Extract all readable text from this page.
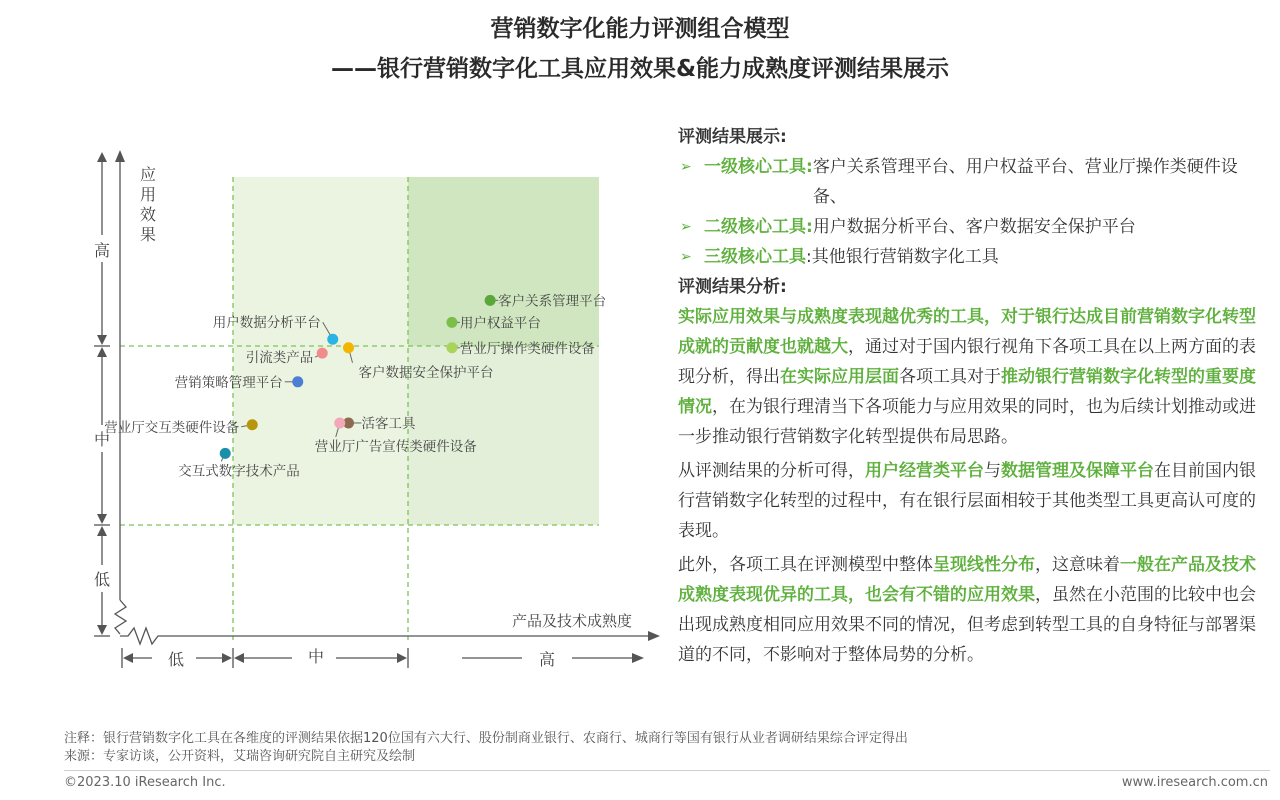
营销数字化能力评测组合模型
——银行营销数字化工具应用效果&能力成熟度评测结果展示
高
中
低
低	中	高
产品及技术成熟度
应用效果
客户关系管理平台
用户权益平台
营业厅操作类硬件设备
用户数据分析平台
客户数据安全保护平台
引流类产品
营销策略管理平台
活客工具
营业厅广告宣传类硬件设备
营业厅交互类硬件设备
交互式数字技术产品
评测结果展示:
➢ 一级核心工具: 客户关系管理平台、用户权益平台、营业厅操作类硬件设备、
➢ 二级核心工具:用户数据分析平台、客户数据安全保护平台
➢ 三级核心工具:其他银行营销数字化工具
评测结果分析:

实际应用效果与成熟度表现越优秀的工具，对于银行达成目前营销数字化转型成就的贡献度也就越大，通过对于国内银行视角下各项工具在以上两方面的表现分析，得出在实际应用层面各项工具对于推动银行营销数字化转型的重要度情况，在为银行理清当下各项能力与应用效果的同时，也为后续计划推动或进一步推动银行营销数字化转型提供布局思路。

从评测结果的分析可得，用户经营类平台与数据管理及保障平台在目前国内银行营销数字化转型的过程中，有在银行层面相较于其他类型工具更高认可度的表现。

此外，各项工具在评测模型中整体呈现线性分布，这意味着一般在产品及技术成熟度表现优异的工具，也会有不错的应用效果，虽然在小范围的比较中也会出现成熟度相同应用效果不同的情况，但考虑到转型工具的自身特征与部署渠道的不同，不影响对于整体局势的分析。

注释：银行营销数字化工具在各维度的评测结果依据120位国有六大行、股份制商业银行、农商行、城商行等国有银行从业者调研结果综合评定得出
来源：专家访谈，公开资料，艾瑞咨询研究院自主研究及绘制
©2023.10 iResearch Inc.	www.iresearch.com.cn
